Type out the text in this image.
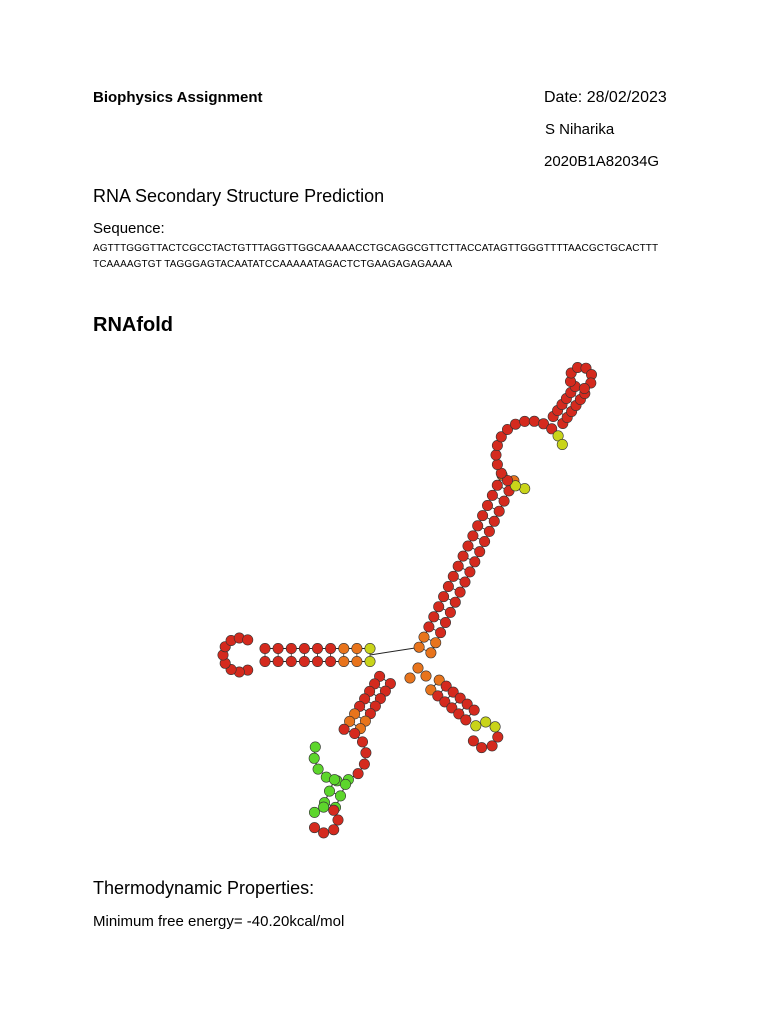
Biophysics Assignment	Date: 28/02/2023
S Niharika
2020B1A82034G
RNA Secondary Structure Prediction
Sequence:
AGTTTGGGTTACTCGCCTACTGTTTAGGTTGGCAAAAACCTGCAGGCGTTCTTACCATAGTTGGGTTTTAACGCTGCACTTT
TCAAAAGTGT TAGGGAGTACAATATCCAAAAATAGACTCTGAAGAGAGAAAA
RNAfold
Thermodynamic Properties:
Minimum free energy= -40.20kcal/mol
